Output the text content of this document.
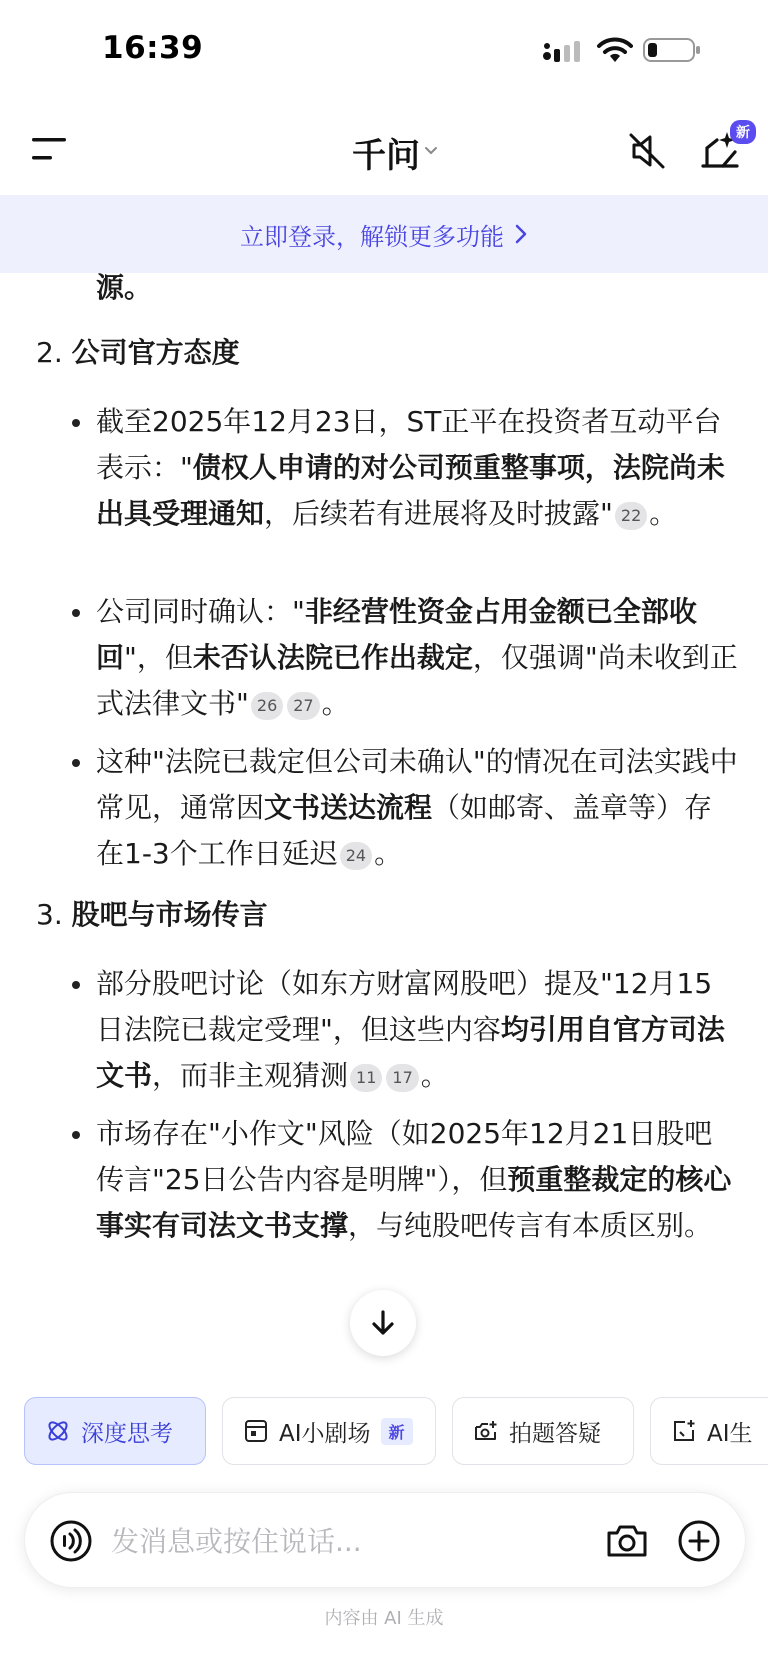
16:39
千问
新
立即登录，解锁更多功能
源。
2. 公司官方态度
截至2025年12月23日，ST正平在投资者互动平台表示："债权人申请的对公司预重整事项，法院尚未出具受理通知，后续若有进展将及时披露" 22 。
公司同时确认："非经营性资金占用金额已全部收回"，但未否认法院已作出裁定，仅强调"尚未收到正式法律文书" 26 27 。
这种"法院已裁定但公司未确认"的情况在司法实践中常见，通常因文书送达流程（如邮寄、盖章等）存在1-3个工作日延迟 24 。
3. 股吧与市场传言
部分股吧讨论（如东方财富网股吧）提及"12月15日法院已裁定受理"，但这些内容均引用自官方司法文书，而非主观猜测 11 17 。
市场存在"小作文"风险（如2025年12月21日股吧传言"25日公告内容是明牌"），但预重整裁定的核心事实有司法文书支撑，与纯股吧传言有本质区别。
深度思考	AI小剧场	新	拍题答疑	AI生
发消息或按住说话...
内容由 AI 生成
